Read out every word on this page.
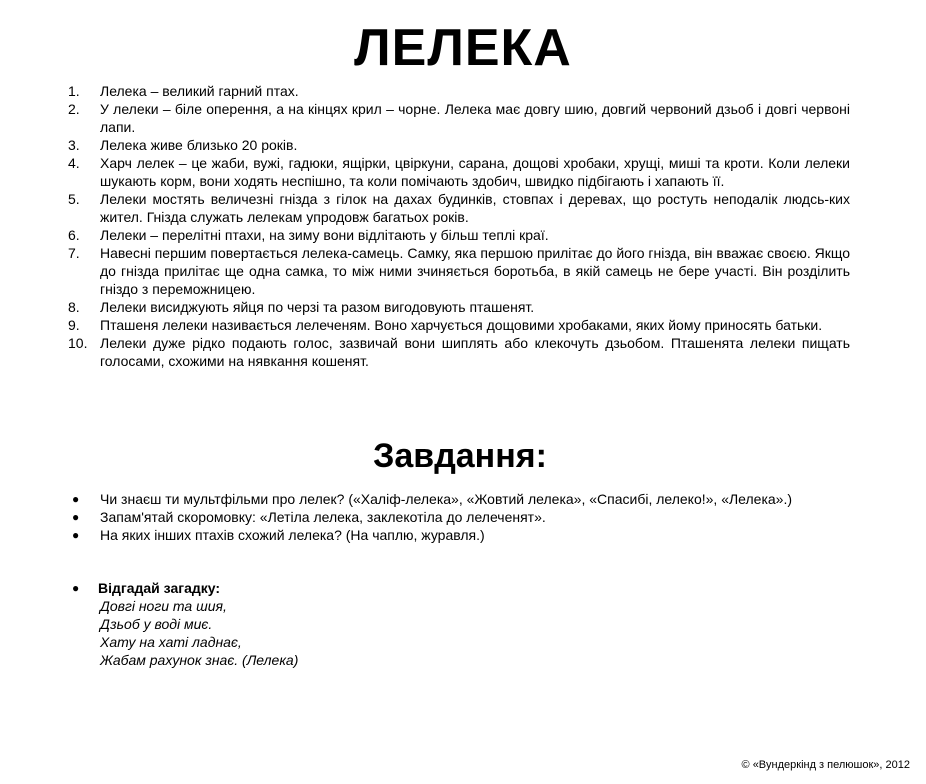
ЛЕЛЕКА
1.	Лелека – великий гарний птах.
2.	У лелеки – біле оперення, а на кінцях крил – чорне. Лелека має довгу шию, довгий червоний дзьоб і довгі червоні лапи.
3.	Лелека живе близько 20 років.
4.	Харч лелек – це жаби, вужі, гадюки, ящірки, цвіркуни, сарана, дощові хробаки, хрущі, миші та кроти. Коли лелеки шукають корм, вони ходять неспішно, та коли помічають здобич, швидко підбігають і хапають її.
5.	Лелеки мостять величезні гнізда з гілок на дахах будинків, стовпах і деревах, що ростуть неподалік людсь-ких жител. Гнізда служать лелекам упродовж багатьох років.
6.	Лелеки – перелітні птахи, на зиму вони відлітають у більш теплі краї.
7.	Навесні першим повертається лелека-самець. Самку, яка першою прилітає до його гнізда, він вважає своєю. Якщо до гнізда прилітає ще одна самка, то між ними зчиняється боротьба, в якій самець не бере участі. Він розділить гніздо з переможницею.
8.	Лелеки висиджують яйця по черзі та разом вигодовують пташенят.
9.	Пташеня лелеки називається лелеченям. Воно харчується дощовими хробаками, яких йому приносять батьки.
10. Лелеки дуже рідко подають голос, зазвичай вони шиплять або клекочуть дзьобом. Пташенята лелеки пищать голосами, схожими на нявкання кошенят.
Завдання:
●	Чи знаєш ти мультфільми про лелек? («Халіф-лелека», «Жовтий лелека», «Спасибі, лелеко!», «Лелека».)
●	Запам'ятай скоромовку: «Летіла лелека, заклекотіла до лелеченят».
●	На яких інших птахів схожий лелека? (На чаплю, журавля.)
●	Відгадай загадку:
Довгі ноги та шия,
Дзьоб у воді миє.
Хату на хаті ладнає,
Жабам рахунок знає. (Лелека)
© «Вундеркінд з пелюшок», 2012
